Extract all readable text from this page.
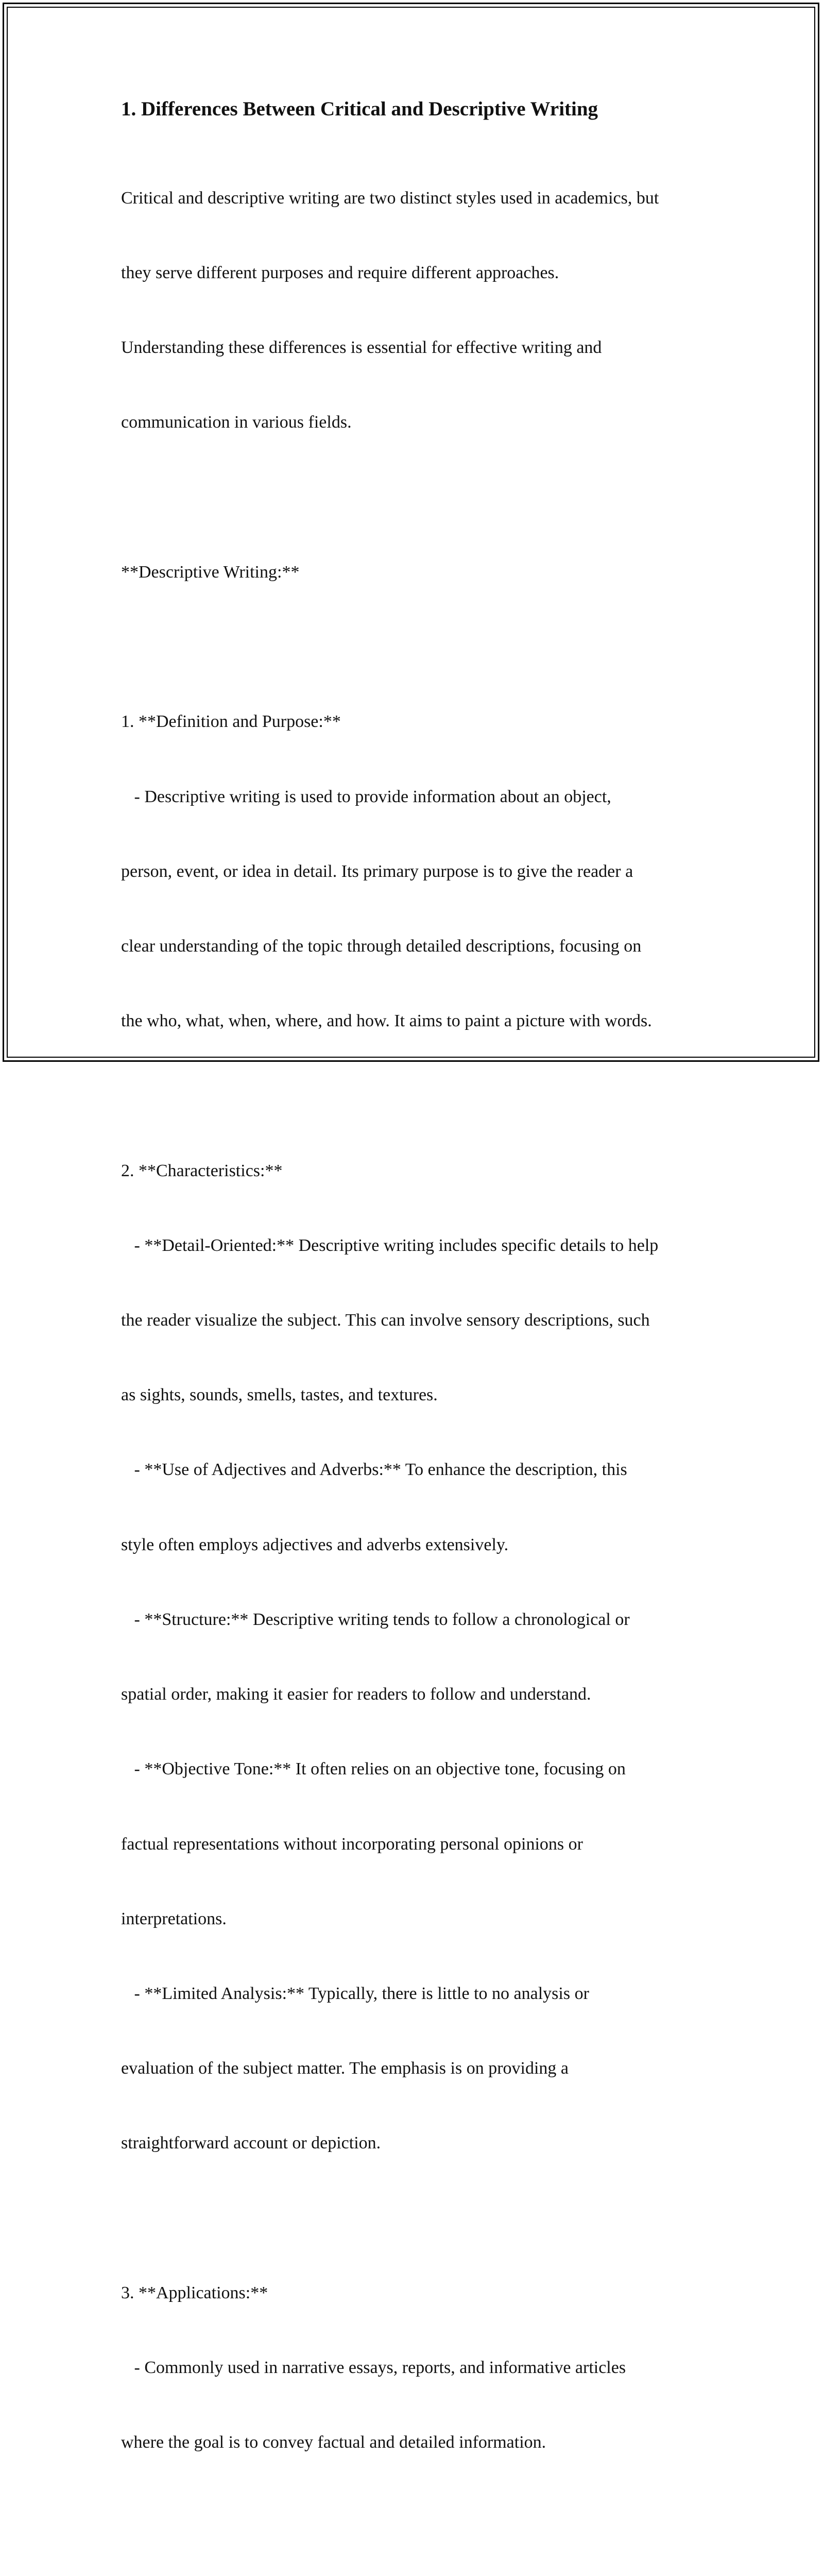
1. Differences Between Critical and Descriptive Writing

Critical and descriptive writing are two distinct styles used in academics, but

they serve different purposes and require different approaches.

Understanding these differences is essential for effective writing and

communication in various fields.

**Descriptive Writing:**

1. **Definition and Purpose:**

- Descriptive writing is used to provide information about an object,

person, event, or idea in detail. Its primary purpose is to give the reader a

clear understanding of the topic through detailed descriptions, focusing on

the who, what, when, where, and how. It aims to paint a picture with words.

2. **Characteristics:**

- **Detail-Oriented:** Descriptive writing includes specific details to help

the reader visualize the subject. This can involve sensory descriptions, such

as sights, sounds, smells, tastes, and textures.

- **Use of Adjectives and Adverbs:** To enhance the description, this

style often employs adjectives and adverbs extensively.

- **Structure:** Descriptive writing tends to follow a chronological or

spatial order, making it easier for readers to follow and understand.

- **Objective Tone:** It often relies on an objective tone, focusing on

factual representations without incorporating personal opinions or

interpretations.

- **Limited Analysis:** Typically, there is little to no analysis or

evaluation of the subject matter. The emphasis is on providing a

straightforward account or depiction.

3. **Applications:**

- Commonly used in narrative essays, reports, and informative articles

where the goal is to convey factual and detailed information.
